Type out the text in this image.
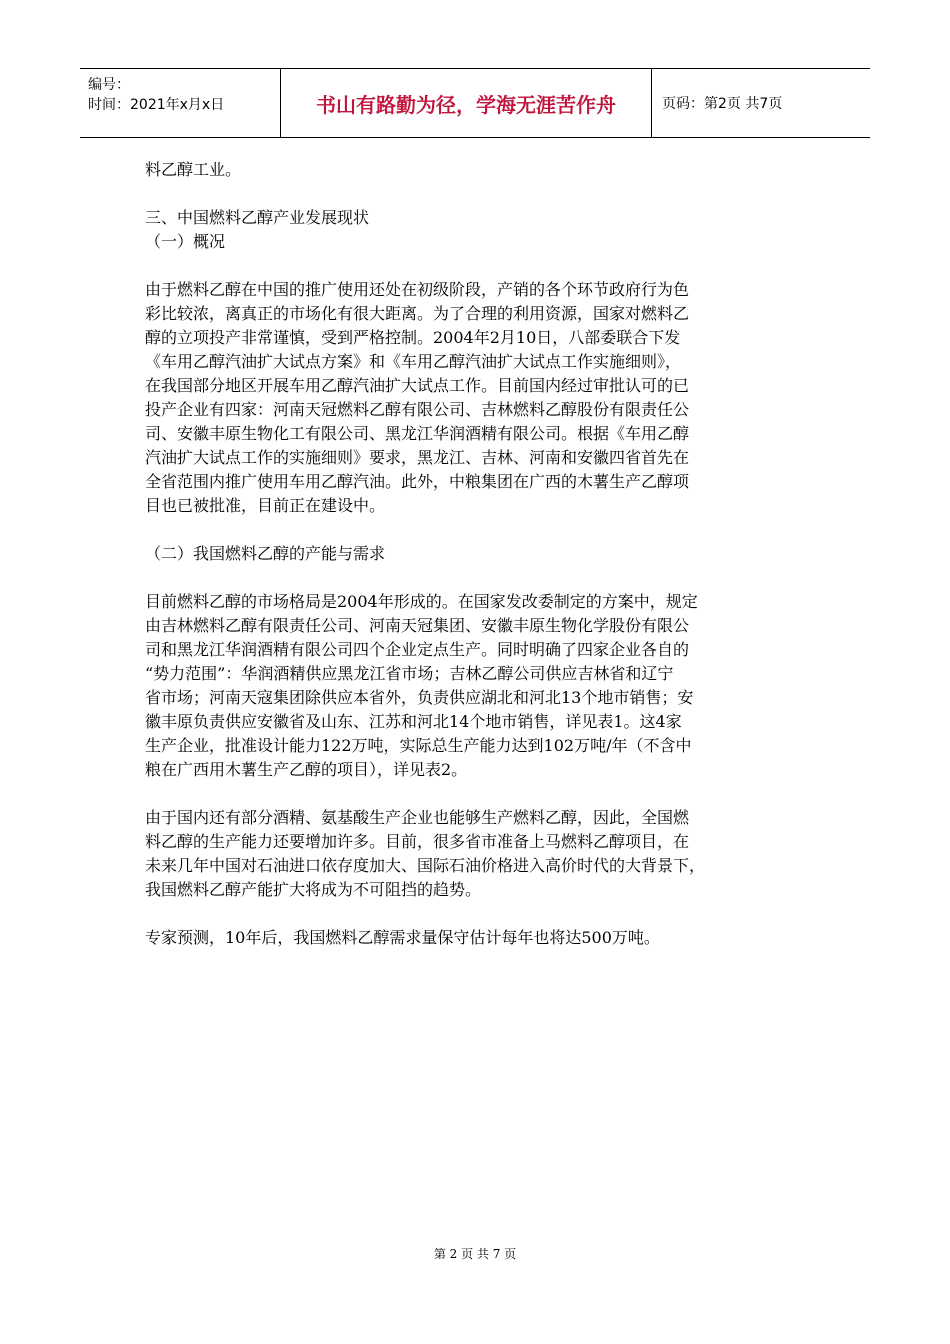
编号：
时间：2021年x月x日	书山有路勤为径，学海无涯苦作舟	页码：第2页 共7页

料乙醇工业。

三、中国燃料乙醇产业发展现状

（一）概况

由于燃料乙醇在中国的推广使用还处在初级阶段，产销的各个环节政府行为色

彩比较浓，离真正的市场化有很大距离。为了合理的利用资源，国家对燃料乙

醇的立项投产非常谨慎，受到严格控制。2004年2月10日，八部委联合下发

《车用乙醇汽油扩大试点方案》和《车用乙醇汽油扩大试点工作实施细则》，

在我国部分地区开展车用乙醇汽油扩大试点工作。目前国内经过审批认可的已

投产企业有四家：河南天冠燃料乙醇有限公司、吉林燃料乙醇股份有限责任公

司、安徽丰原生物化工有限公司、黑龙江华润酒精有限公司。根据《车用乙醇

汽油扩大试点工作的实施细则》要求，黑龙江、吉林、河南和安徽四省首先在

全省范围内推广使用车用乙醇汽油。此外，中粮集团在广西的木薯生产乙醇项

目也已被批准，目前正在建设中。

（二）我国燃料乙醇的产能与需求

目前燃料乙醇的市场格局是2004年形成的。在国家发改委制定的方案中，规定

由吉林燃料乙醇有限责任公司、河南天冠集团、安徽丰原生物化学股份有限公

司和黑龙江华润酒精有限公司四个企业定点生产。同时明确了四家企业各自的

“势力范围”：华润酒精供应黑龙江省市场；吉林乙醇公司供应吉林省和辽宁

省市场；河南天寇集团除供应本省外，负责供应湖北和河北13个地市销售；安

徽丰原负责供应安徽省及山东、江苏和河北14个地市销售，详见表1。这4家

生产企业，批准设计能力122万吨，实际总生产能力达到102万吨/年（不含中

粮在广西用木薯生产乙醇的项目），详见表2。

由于国内还有部分酒精、氨基酸生产企业也能够生产燃料乙醇，因此，全国燃

料乙醇的生产能力还要增加许多。目前，很多省市准备上马燃料乙醇项目，在

未来几年中国对石油进口依存度加大、国际石油价格进入高价时代的大背景下，

我国燃料乙醇产能扩大将成为不可阻挡的趋势。

专家预测，10年后，我国燃料乙醇需求量保守估计每年也将达500万吨。

第 2 页 共 7 页
